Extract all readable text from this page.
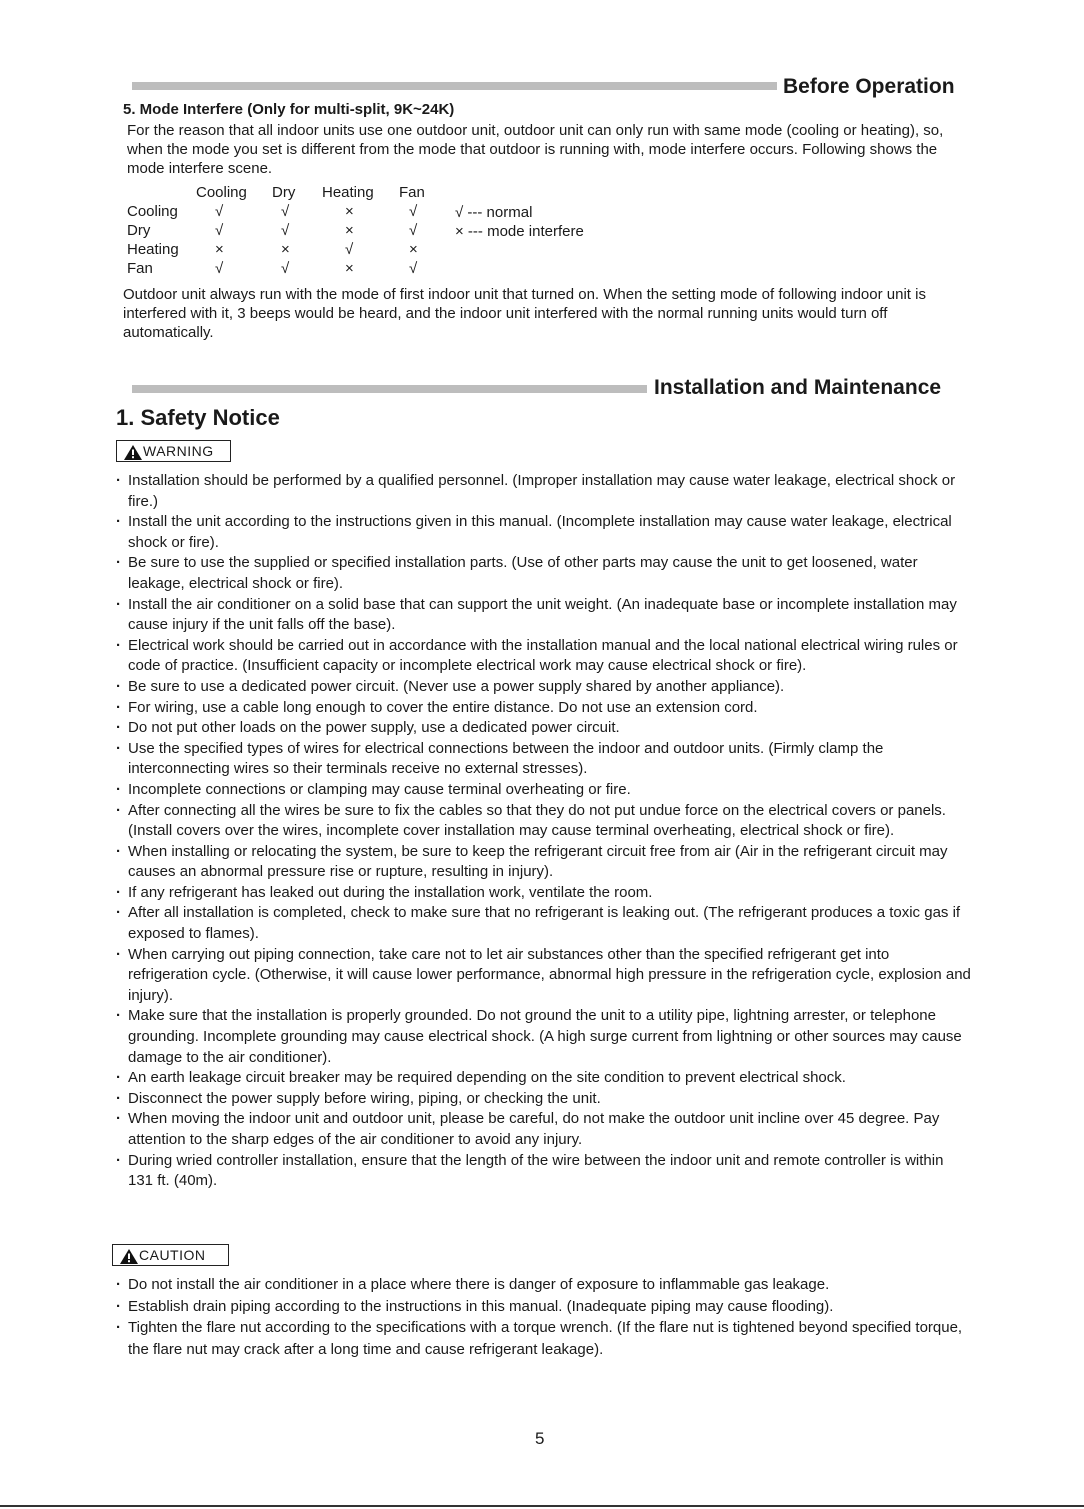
Before Operation
5. Mode Interfere (Only for multi-split, 9K~24K)
For the reason that all indoor units use one outdoor unit, outdoor unit can only run with same mode (cooling or heating), so, when the mode you set is different from the mode that outdoor is running with, mode interfere occurs. Following shows the mode interfere scene.
Cooling Dry Heating Fan
Cooling √	√	×	√
Dry	√	√	×	√
Heating ×	×	√	×
Fan	√	√	×	√
√ --- normal
× --- mode interfere
Outdoor unit always run with the mode of first indoor unit that turned on. When the setting mode of following indoor unit is interfered with it, 3 beeps would be heard, and the indoor unit interfered with the normal running units would turn off automatically.
Installation and Maintenance
1. Safety Notice
WARNING
· Installation should be performed by a qualified personnel. (Improper installation may cause water leakage, electrical shock or fire.)
· Install the unit according to the instructions given in this manual. (Incomplete installation may cause water leakage, electrical shock or fire).
· Be sure to use the supplied or specified installation parts. (Use of other parts may cause the unit to get loosened, water leakage, electrical shock or fire).
· Install the air conditioner on a solid base that can support the unit weight. (An inadequate base or incomplete installation may cause injury if the unit falls off the base).
· Electrical work should be carried out in accordance with the installation manual and the local national electrical wiring rules or code of practice. (Insufficient capacity or incomplete electrical work may cause electrical shock or fire).
· Be sure to use a dedicated power circuit. (Never use a power supply shared by another appliance).
· For wiring, use a cable long enough to cover the entire distance. Do not use an extension cord.
· Do not put other loads on the power supply, use a dedicated power circuit.
· Use the specified types of wires for electrical connections between the indoor and outdoor units. (Firmly clamp the interconnecting wires so their terminals receive no external stresses).
· Incomplete connections or clamping may cause terminal overheating or fire.
· After connecting all the wires be sure to fix the cables so that they do not put undue force on the electrical covers or panels. (Install covers over the wires, incomplete cover installation may cause terminal overheating, electrical shock or fire).
· When installing or relocating the system, be sure to keep the refrigerant circuit free from air (Air in the refrigerant circuit may causes an abnormal pressure rise or rupture, resulting in injury).
· If any refrigerant has leaked out during the installation work, ventilate the room.
· After all installation is completed, check to make sure that no refrigerant is leaking out. (The refrigerant produces a toxic gas if exposed to flames).
· When carrying out piping connection, take care not to let air substances other than the specified refrigerant get into refrigeration cycle. (Otherwise, it will cause lower performance, abnormal high pressure in the refrigeration cycle, explosion and injury).
· Make sure that the installation is properly grounded. Do not ground the unit to a utility pipe, lightning arrester, or telephone grounding. Incomplete grounding may cause electrical shock. (A high surge current from lightning or other sources may cause damage to the air conditioner).
· An earth leakage circuit breaker may be required depending on the site condition to prevent electrical shock.
· Disconnect the power supply before wiring, piping, or checking the unit.
· When moving the indoor unit and outdoor unit, please be careful, do not make the outdoor unit incline over 45 degree. Pay attention to the sharp edges of the air conditioner to avoid any injury.
· During wried controller installation, ensure that the length of the wire between the indoor unit and remote controller is within 131 ft. (40m).
CAUTION
· Do not install the air conditioner in a place where there is danger of exposure to inflammable gas leakage.
· Establish drain piping according to the instructions in this manual. (Inadequate piping may cause flooding).
· Tighten the flare nut according to the specifications with a torque wrench. (If the flare nut is tightened beyond specified torque, the flare nut may crack after a long time and cause refrigerant leakage).
5
